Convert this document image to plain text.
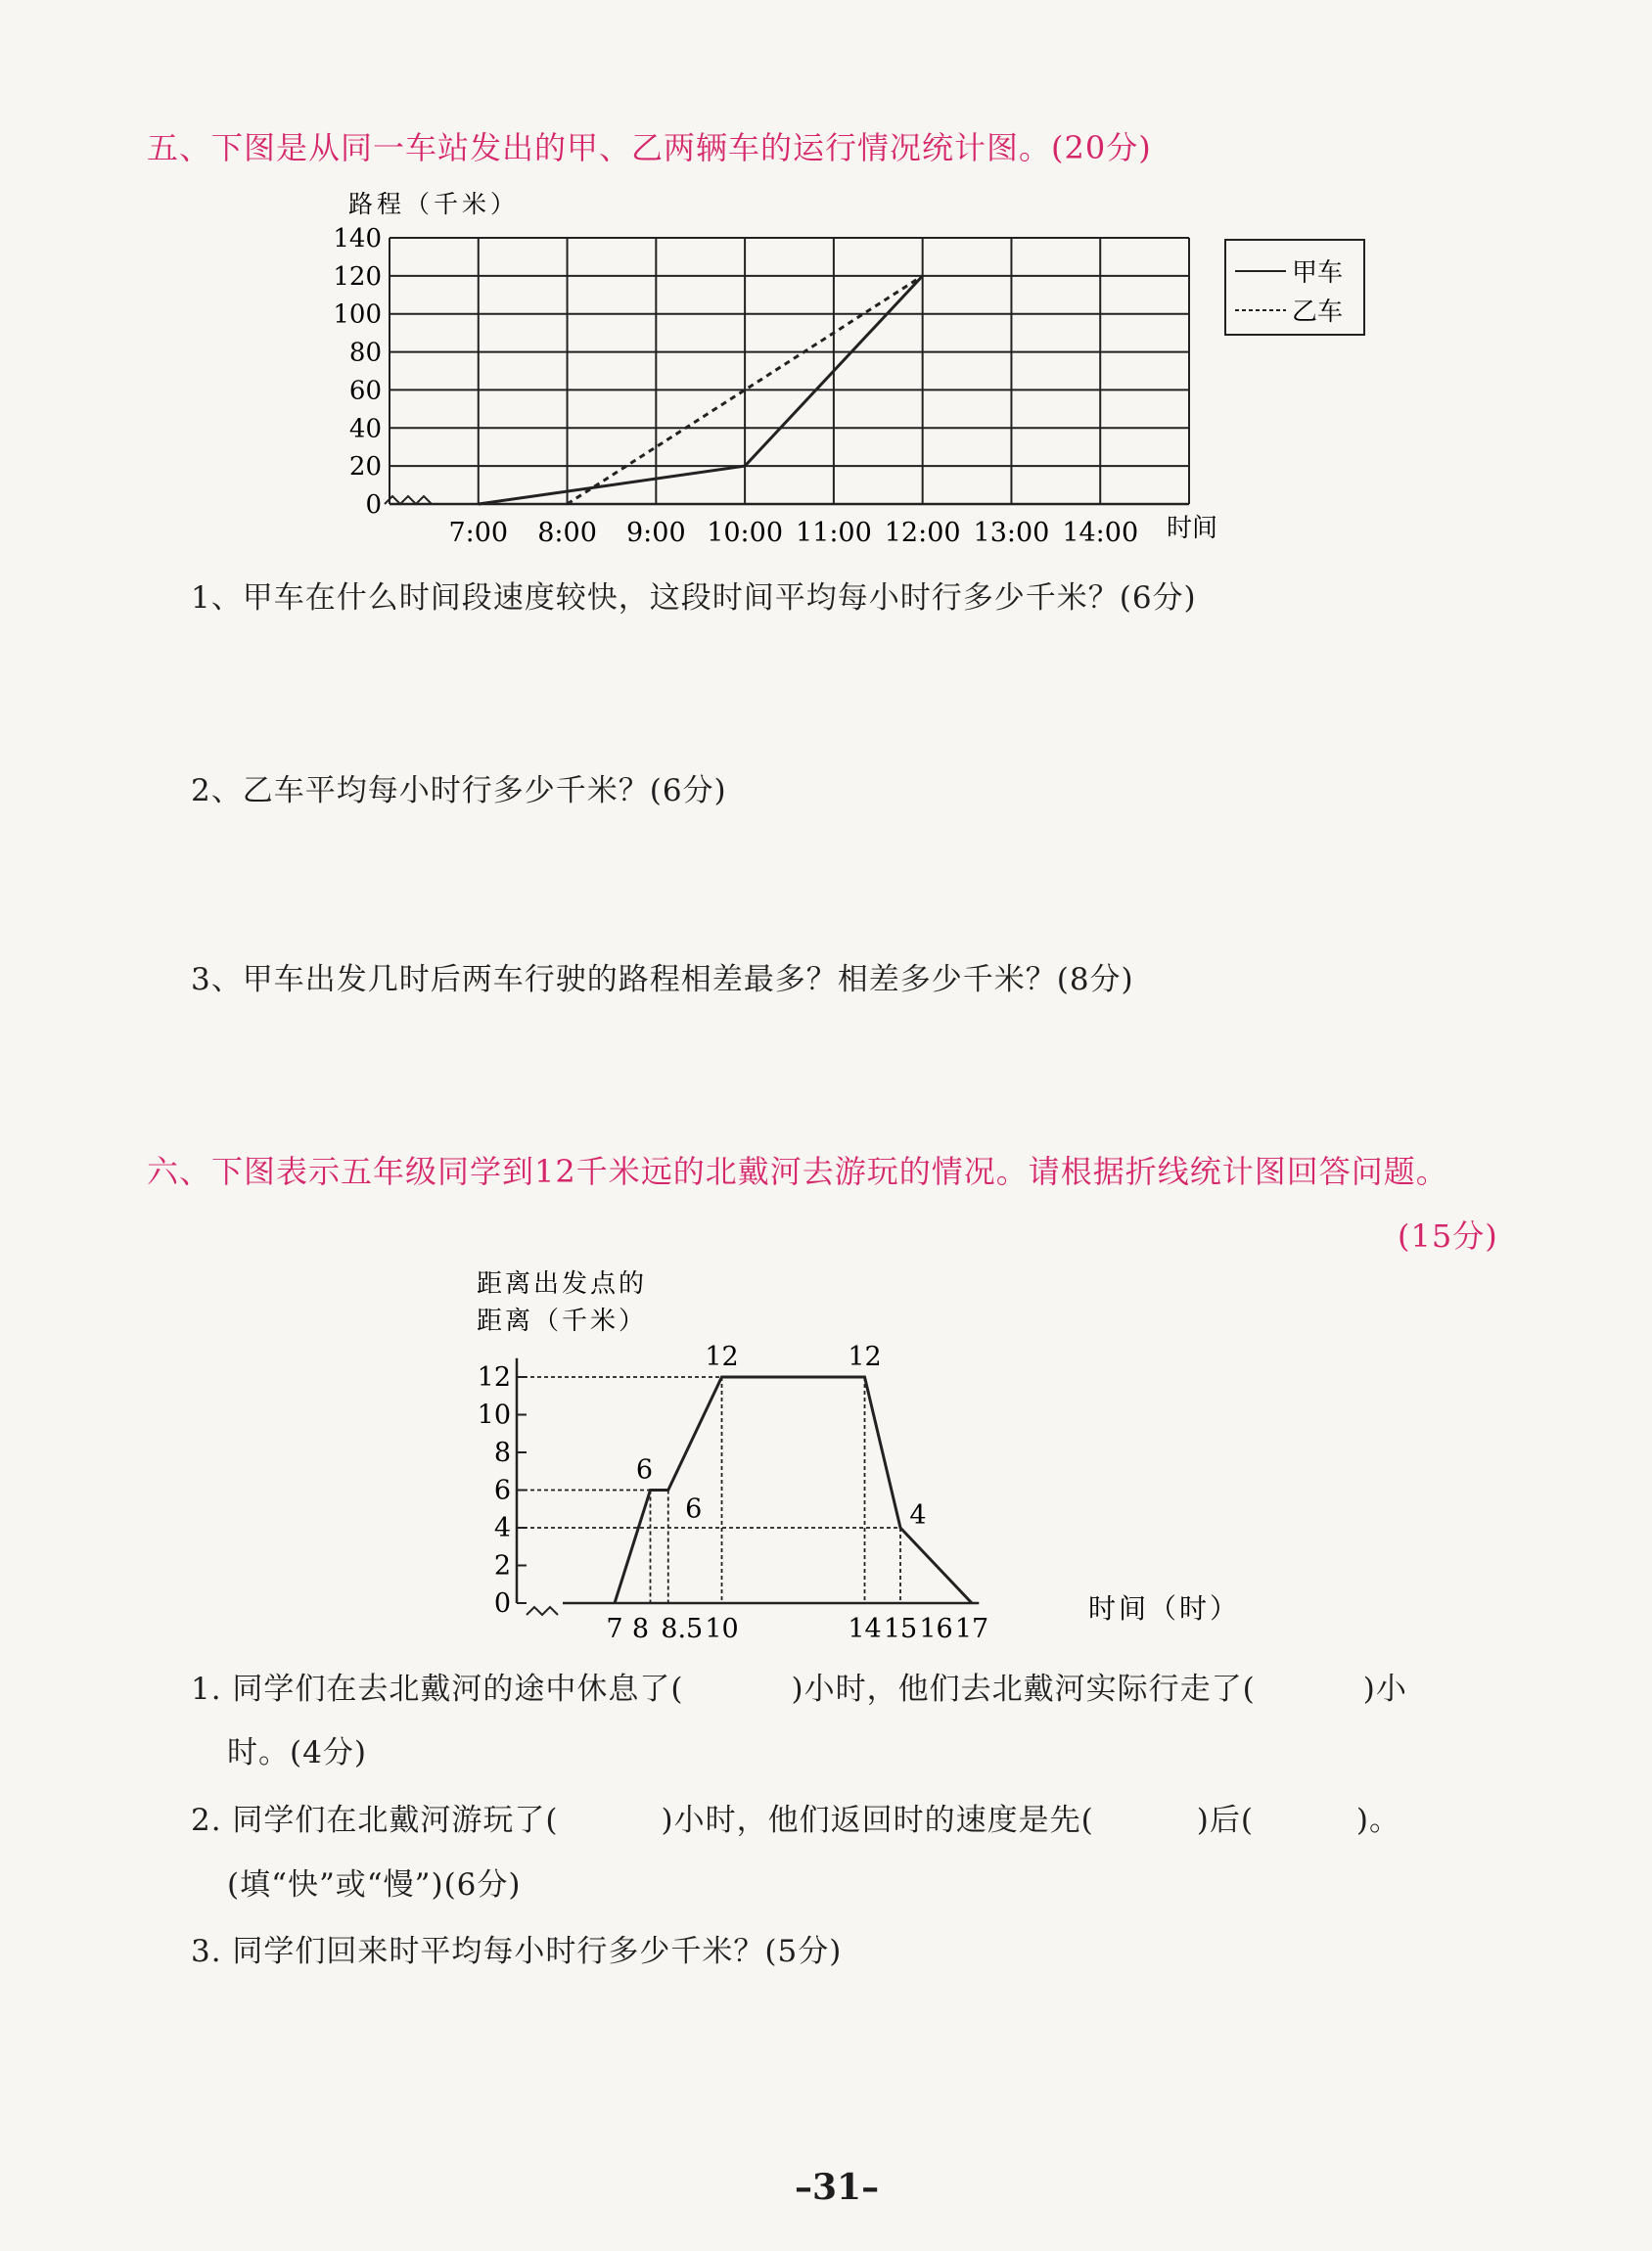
五、下图是从同一车站发出的甲、乙两辆车的运行情况统计图。(20分)
0
20
40
60
80
100
120
140
7:00 8:00 9:00 10:00 11:00 12:00 13:00 14:00
路程（千米）
时间
甲车
乙车
1、甲车在什么时间段速度较快，这段时间平均每小时行多少千米？(6分)
2、乙车平均每小时行多少千米？(6分)
3、甲车出发几时后两车行驶的路程相差最多？相差多少千米？(8分)
六、下图表示五年级同学到12千米远的北戴河去游玩的情况。请根据折线统计图回答问题。
(15分)
距离出发点的
距离（千米）
时间（时）
0
2
4
6
8
10
12
7 8 8.5 10	14 15 16 17
6
6
12	12
4
1. 同学们在去北戴河的途中休息了(	)小时，他们去北戴河实际行走了(	)小
时。(4分)
2. 同学们在北戴河游玩了(	)小时，他们返回时的速度是先(	)后(	)。
(填“快”或“慢”)(6分)
3. 同学们回来时平均每小时行多少千米？(5分)
–31–
